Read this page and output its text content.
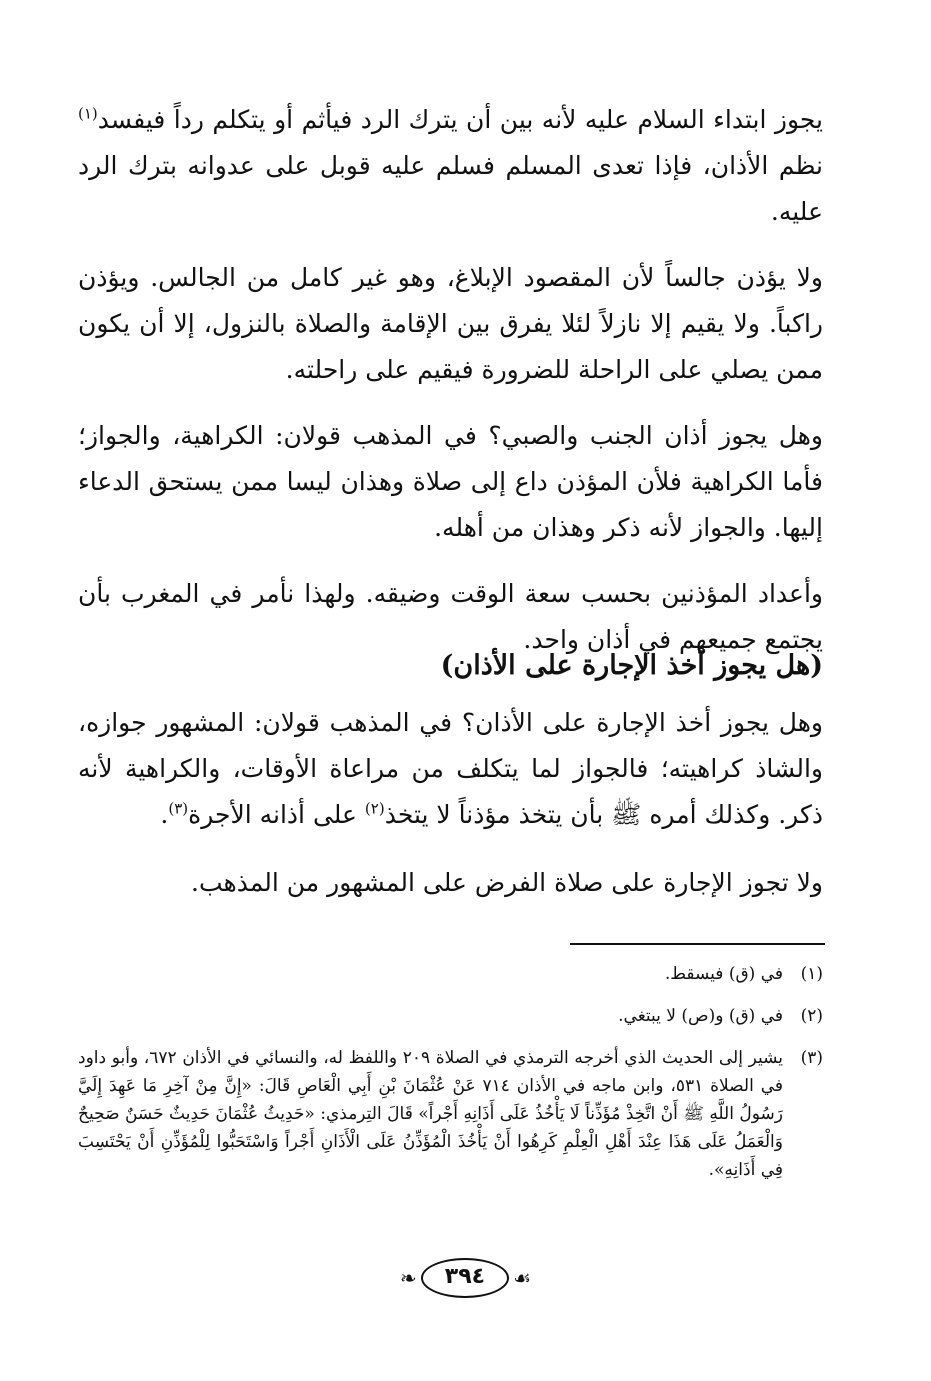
يجوز ابتداء السلام عليه لأنه بين أن يترك الرد فيأثم أو يتكلم رداً فيفسد$^{(١)}$ نظم الأذان، فإذا تعدى المسلم فسلم عليه قوبل على عدوانه بترك الرد عليه.

ولا يؤذن جالساً لأن المقصود الإبلاغ، وهو غير كامل من الجالس. ويؤذن راكباً. ولا يقيم إلا نازلاً لئلا يفرق بين الإقامة والصلاة بالنزول، إلا أن يكون ممن يصلي على الراحلة للضرورة فيقيم على راحلته.

وهل يجوز أذان الجنب والصبي؟ في المذهب قولان: الكراهية، والجواز؛ فأما الكراهية فلأن المؤذن داع إلى صلاة وهذان ليسا ممن يستحق الدعاء إليها. والجواز لأنه ذكر وهذان من أهله.

وأعداد المؤذنين بحسب سعة الوقت وضيقه. ولهذا نأمر في المغرب بأن يجتمع جميعهم في أذان واحد.

(هل يجوز أخذ الإجارة على الأذان)

وهل يجوز أخذ الإجارة على الأذان؟ في المذهب قولان: المشهور جوازه، والشاذ كراهيته؛ فالجواز لما يتكلف من مراعاة الأوقات، والكراهية لأنه ذكر. وكذلك أمره ﷺ بأن يتخذ مؤذناً لا يتخذ$^{(٢)}$ على أذانه الأجرة$^{(٣)}$.

ولا تجوز الإجارة على صلاة الفرض على المشهور من المذهب.

(١)
في (ق) فيسقط.
(٢)
في (ق) و(ص) لا يبتغي.
(٣)
يشير إلى الحديث الذي أخرجه الترمذي في الصلاة ٢٠٩ واللفظ له، والنسائي في الأذان ٦٧٢، وأبو داود في الصلاة ٥٣١، وابن ماجه في الأذان ٧١٤ عَنْ عُثْمَانَ بْنِ أَبِي الْعَاصِ قَالَ: «إِنَّ مِنْ آخِرِ مَا عَهِدَ إِلَيَّ رَسُولُ اللَّهِ ﷺ أَنْ اتَّخِذْ مُؤَذِّناً لَا يَأْخُذُ عَلَى أَذَانِهِ أَجْراً» قَالَ التِرمذي: «حَدِيثُ عُثْمَانَ حَدِيثٌ حَسَنٌ صَحِيحٌ وَالْعَمَلُ عَلَى هَذَا عِنْدَ أَهْلِ الْعِلْمِ كَرِهُوا أَنْ يَأْخُذَ الْمُؤَذِّنُ عَلَى الْأَذَانِ أَجْراً وَاسْتَحَبُّوا لِلْمُؤَذِّنِ أَنْ يَحْتَسِبَ فِي أَذَانِهِ».
❧	٣٩٤	☙
